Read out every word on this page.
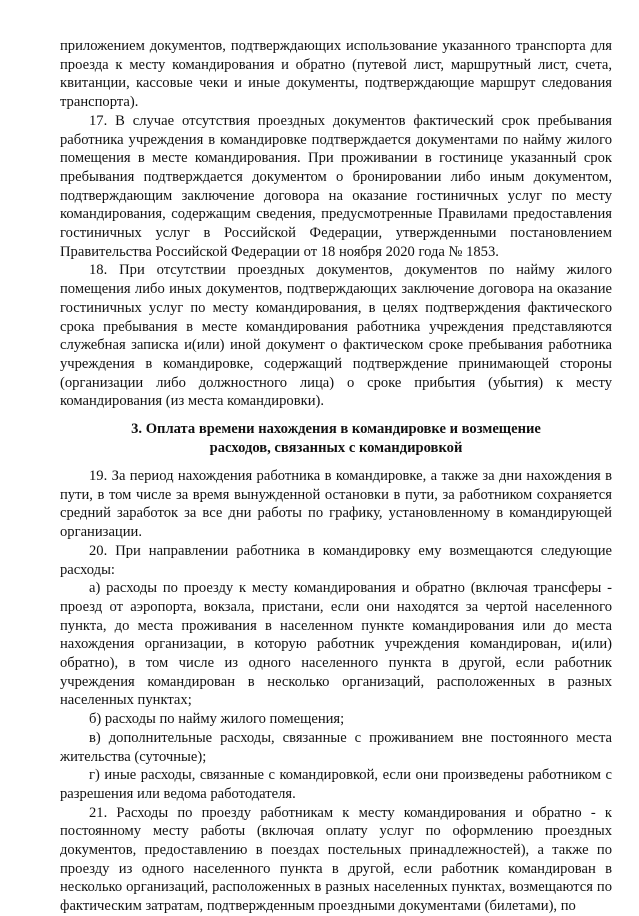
приложением документов, подтверждающих использование указанного транспорта для проезда к месту командирования и обратно (путевой лист, маршрутный лист, счета, квитанции, кассовые чеки и иные документы, подтверждающие маршрут следования транспорта).

17. В случае отсутствия проездных документов фактический срок пребывания работника учреждения в командировке подтверждается документами по найму жилого помещения в месте командирования. При проживании в гостинице указанный срок пребывания подтверждается документом о бронировании либо иным документом, подтверждающим заключение договора на оказание гостиничных услуг по месту командирования, содержащим сведения, предусмотренные Правилами предоставления гостиничных услуг в Российской Федерации, утвержденными постановлением Правительства Российской Федерации от 18 ноября 2020 года № 1853.

18. При отсутствии проездных документов, документов по найму жилого помещения либо иных документов, подтверждающих заключение договора на оказание гостиничных услуг по месту командирования, в целях подтверждения фактического срока пребывания в месте командирования работника учреждения представляются служебная записка и(или) иной документ о фактическом сроке пребывания работника учреждения в командировке, содержащий подтверждение принимающей стороны (организации либо должностного лица) о сроке прибытия (убытия) к месту командирования (из места командировки).

3. Оплата времени нахождения в командировке и возмещение

расходов, связанных с командировкой

19. За период нахождения работника в командировке, а также за дни нахождения в пути, в том числе за время вынужденной остановки в пути, за работником сохраняется средний заработок за все дни работы по графику, установленному в командирующей организации.

20. При направлении работника в командировку ему возмещаются следующие расходы:

а) расходы по проезду к месту командирования и обратно (включая трансферы - проезд от аэропорта, вокзала, пристани, если они находятся за чертой населенного пункта, до места проживания в населенном пункте командирования или до места нахождения организации, в которую работник учреждения командирован, и(или) обратно), в том числе из одного населенного пункта в другой, если работник учреждения командирован в несколько организаций, расположенных в разных населенных пунктах;

б) расходы по найму жилого помещения;

в) дополнительные расходы, связанные с проживанием вне постоянного места жительства (суточные);

г) иные расходы, связанные с командировкой, если они произведены работником с разрешения или ведома работодателя.

21. Расходы по проезду работникам к месту командирования и обратно - к постоянному месту работы (включая оплату услуг по оформлению проездных документов, предоставлению в поездах постельных принадлежностей), а также по проезду из одного населенного пункта в другой, если работник командирован в несколько организаций, расположенных в разных населенных пунктах, возмещаются по фактическим затратам, подтвержденным проездными документами (билетами), по
